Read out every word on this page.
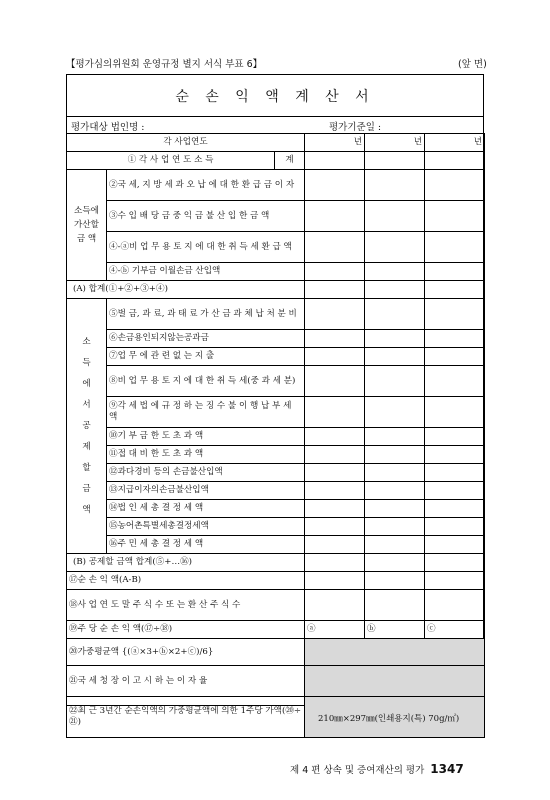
【평가심의위원회 운영규정 별지 서식 부표 6】	(앞 면)
순 손 익 액 계 산 서
평가대상 법인명 :	평가기준일 :
각 사업연도			년	년	년
① 각 사 업 연 도 소 득		계			
소득에 가산할 금 액	②국 세, 지 방 세 과 오 납 에 대 한 환 급 금 이 자				
	③수 입 배 당 금 중 익 금 불 산 입 한 금 액				
	④-ⓐ비 업 무 용 토 지 에 대 한 취 득 세 환 급 액				
	④-ⓑ 기부금 이월손금 산입액				
(A) 합계(①+②+③+④)					
소 득 에 서 공 제 할 금 액	⑤벌 금, 과 료, 과 태 료 가 산 금 과 체 납 처 분 비				
	⑥손금용인되지않는공과금				
	⑦업 무 에 관 련 없 는 지 출				
	⑧비 업 무 용 토 지 에 대 한 취 득 세(중 과 세 분)				
	⑨각 세 법 에 규 정 하 는 징 수 불 이 행 납 부 세 액				
	⑩기 부 금 한 도 초 과 액				
	⑪접 대 비 한 도 초 과 액				
	⑫과다경비 등의 손금불산입액				
	⑬지급이자의손금불산입액				
	⑭법 인 세 총 결 정 세 액				
	⑮농어촌특별세총결정세액				
	⑯주 민 세 총 결 정 세 액				
(B) 공제할 금액 합계(⑤+…⑯)					
⑰순 손 익 액(A-B)					
⑱사 업 연 도 말 주 식 수 또 는 환 산 주 식 수					
⑲주 당 순 손 익 액(⑰÷⑱)			ⓐ	ⓑ	ⓒ
⑳가중평균액 {(ⓐ×3+ⓑ×2+ⓒ)/6}					
㉑국 세 청 장 이 고 시 하 는 이 자 율					
㉒최 근 3년간 순손익액의 가중평균액에 의한 1주당 가액(⑳÷㉑)						210㎜×297㎜(인쇄용지(특) 70g/㎡)
제 4 편 상속 및 증여재산의 평가 1347
